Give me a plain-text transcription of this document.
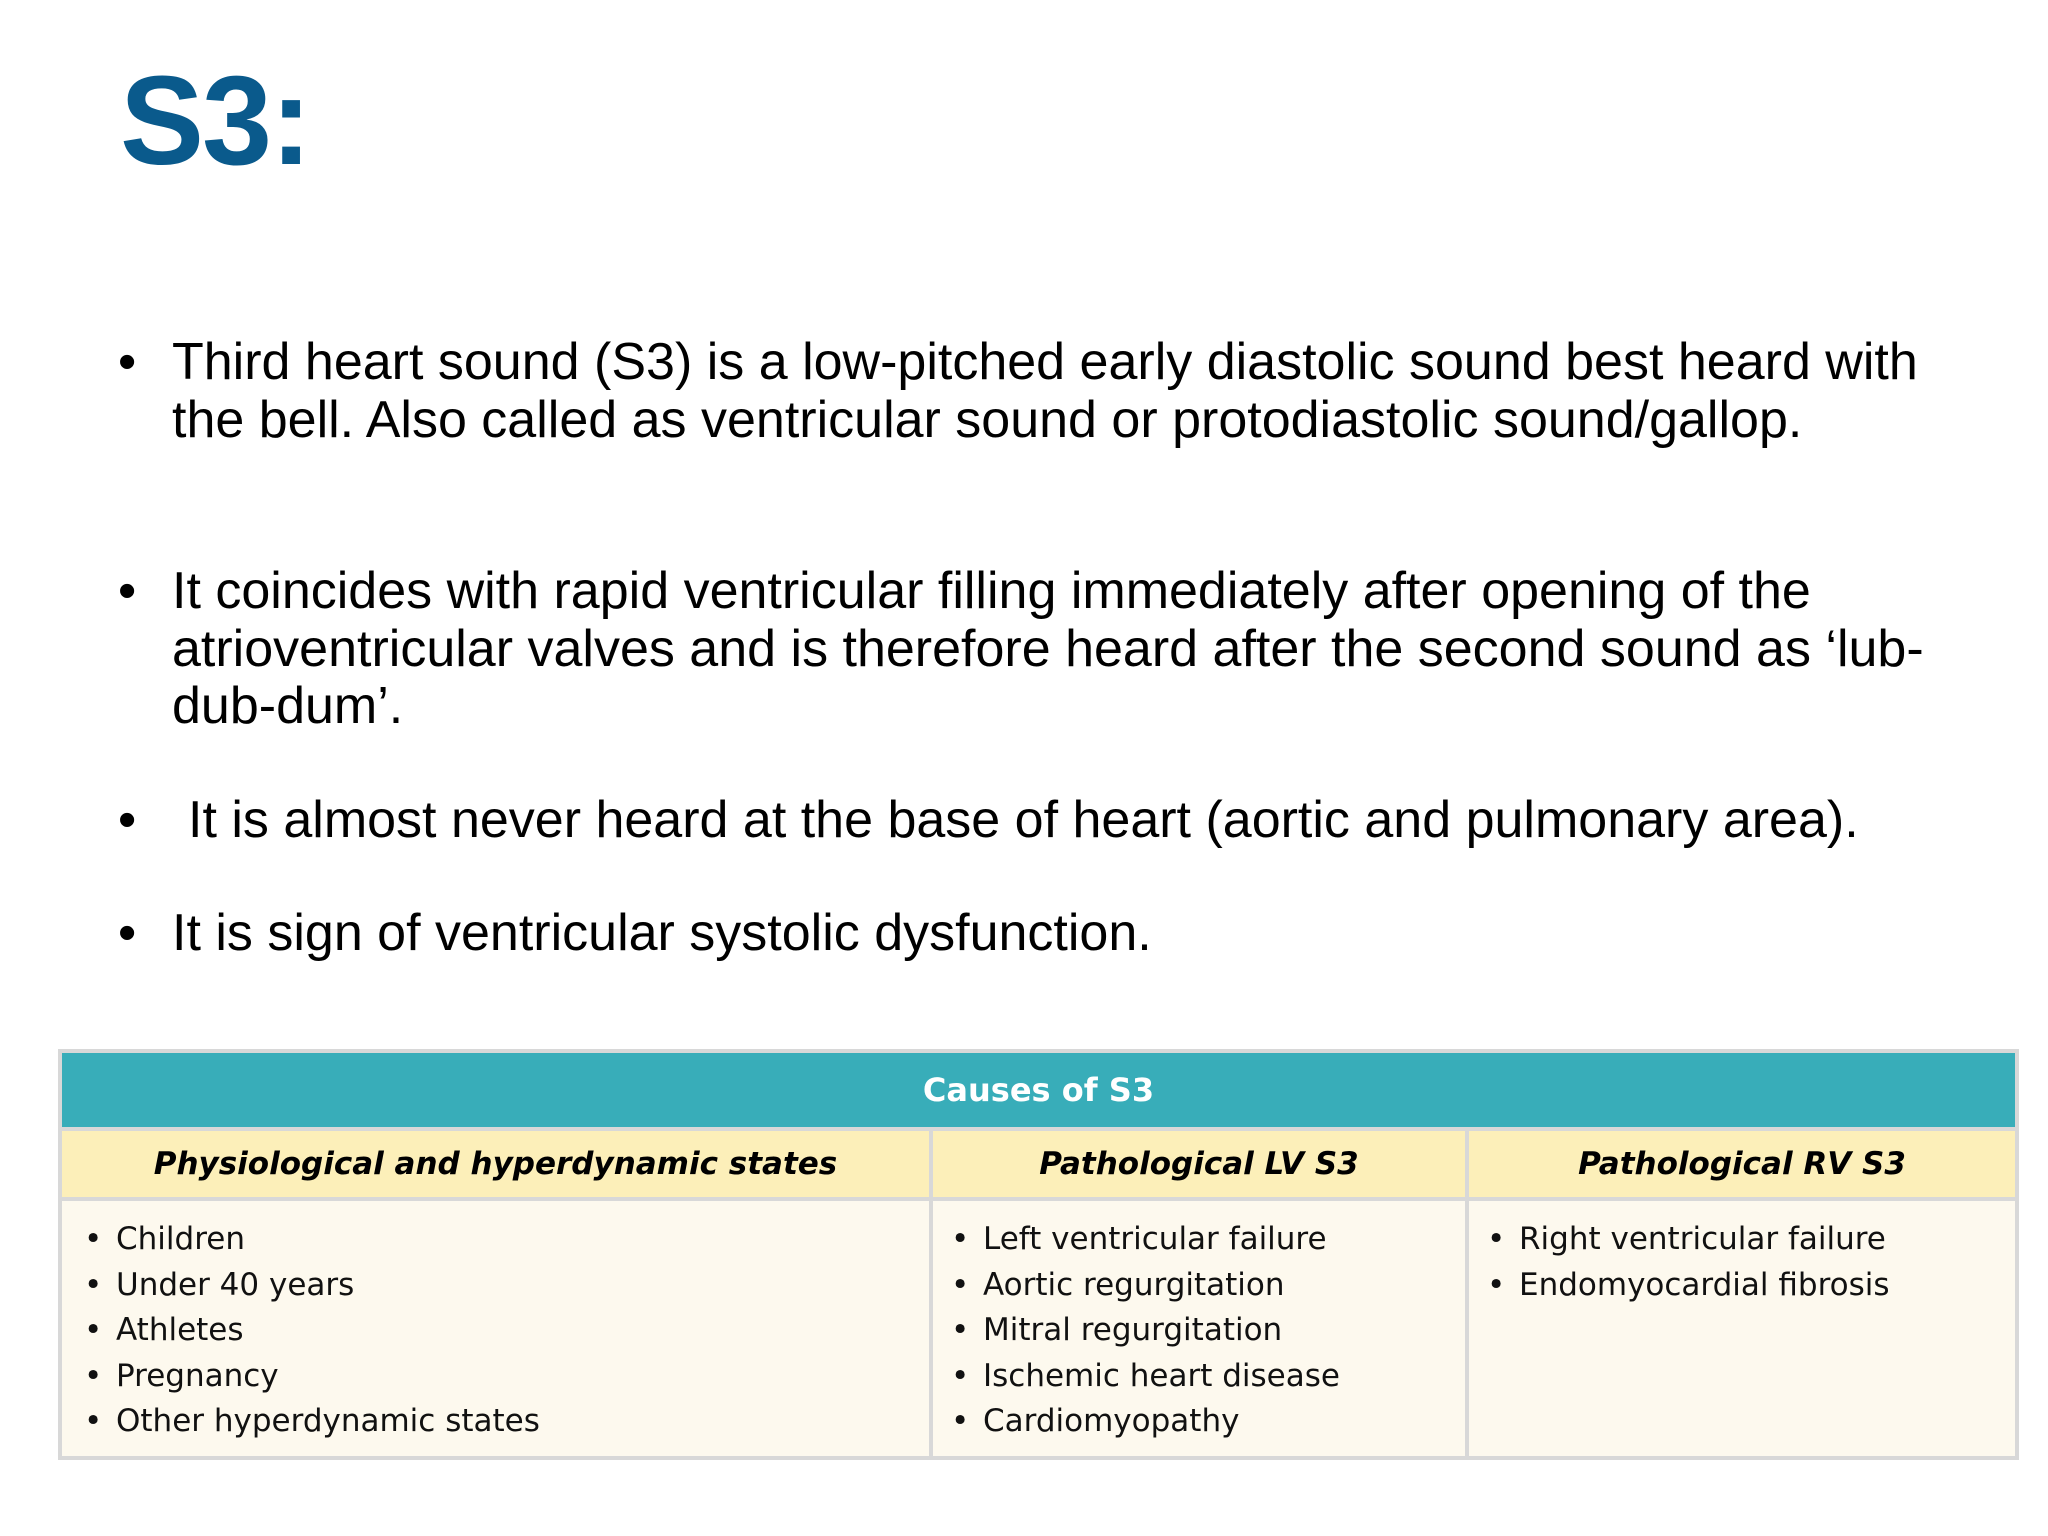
S3:
• Third heart sound (S3) is a low-pitched early diastolic sound best heard with the bell. Also called as ventricular sound or protodiastolic sound/gallop.
• It coincides with rapid ventricular filling immediately after opening of the atrioventricular valves and is therefore heard after the second sound as ‘lub-dub-dum’.
• It is almost never heard at the base of heart (aortic and pulmonary area).
• It is sign of ventricular systolic dysfunction.
Causes of S3
Physiological and hyperdynamic states	Pathological LV S3	Pathological RV S3
• Children
• Under 40 years
• Athletes
• Pregnancy
• Other hyperdynamic states
• Left ventricular failure
• Aortic regurgitation
• Mitral regurgitation
• Ischemic heart disease
• Cardiomyopathy
• Right ventricular failure
• Endomyocardial fibrosis
